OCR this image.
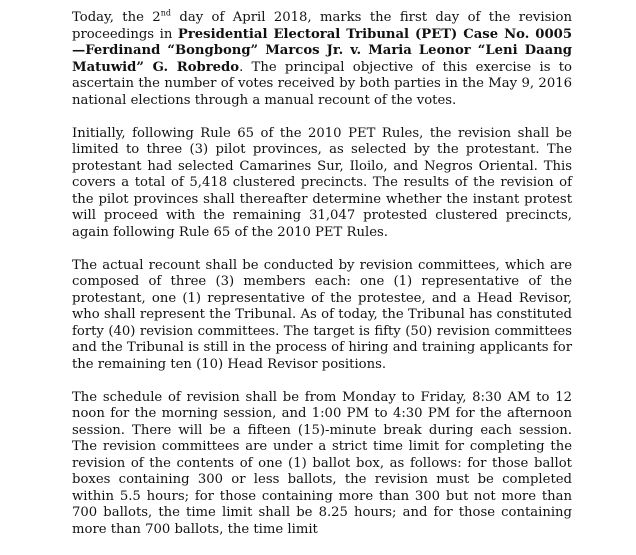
Today, the 2nd day of April 2018, marks the first day of the revision proceedings in Presidential Electoral Tribunal (PET) Case No. 0005—Ferdinand “Bongbong” Marcos Jr. v. Maria Leonor “Leni Daang Matuwid” G. Robredo. The principal objective of this exercise is to ascertain the number of votes received by both parties in the May 9, 2016 national elections through a manual recount of the votes.

Initially, following Rule 65 of the 2010 PET Rules, the revision shall be limited to three (3) pilot provinces, as selected by the protestant. The protestant had selected Camarines Sur, Iloilo, and Negros Oriental. This covers a total of 5,418 clustered precincts. The results of the revision of the pilot provinces shall thereafter determine whether the instant protest will proceed with the remaining 31,047 protested clustered precincts, again following Rule 65 of the 2010 PET Rules.

The actual recount shall be conducted by revision committees, which are composed of three (3) members each: one (1) representative of the protestant, one (1) representative of the protestee, and a Head Revisor, who shall represent the Tribunal. As of today, the Tribunal has constituted forty (40) revision committees. The target is fifty (50) revision committees and the Tribunal is still in the process of hiring and training applicants for the remaining ten (10) Head Revisor positions.

The schedule of revision shall be from Monday to Friday, 8:30 AM to 12 noon for the morning session, and 1:00 PM to 4:30 PM for the afternoon session. There will be a fifteen (15)-minute break during each session. The revision committees are under a strict time limit for completing the revision of the contents of one (1) ballot box, as follows: for those ballot boxes containing 300 or less ballots, the revision must be completed within 5.5 hours; for those containing more than 300 but not more than 700 ballots, the time limit shall be 8.25 hours; and for those containing more than 700 ballots, the time limit
